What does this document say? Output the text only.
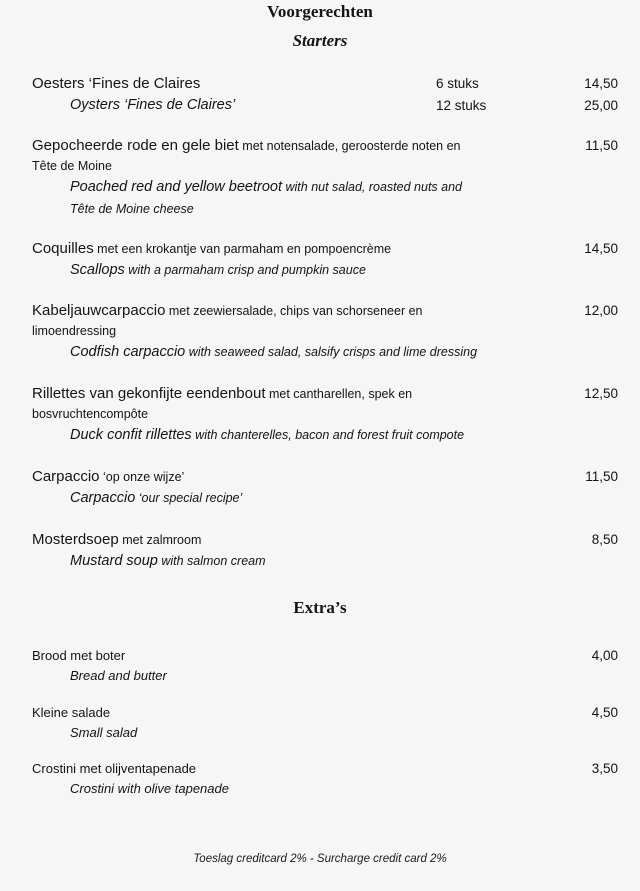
Voorgerechten
Starters
Oesters ‘Fines de Claires
Oysters ‘Fines de Claires’
6 stuks	14,50
12 stuks	25,00
Gepocheerde rode en gele biet met notensalade, geroosterde noten en
Tête de Moine
Poached red and yellow beetroot with nut salad, roasted nuts and
Tête de Moine cheese
11,50
Coquilles met een krokantje van parmaham en pompoencrème
Scallops with a parmaham crisp and pumpkin sauce
14,50
Kabeljauwcarpaccio met zeewiersalade, chips van schorseneer en
limoendressing
Codfish carpaccio with seaweed salad, salsify crisps and lime dressing
12,00
Rillettes van gekonfijte eendenbout met cantharellen, spek en
bosvruchtencompôte
Duck confit rillettes with chanterelles, bacon and forest fruit compote
12,50
Carpaccio ‘op onze wijze’
Carpaccio ‘our special recipe’
11,50
Mosterdsoep met zalmroom
Mustard soup with salmon cream
8,50
Extra’s
Brood met boter
Bread and butter
4,00
Kleine salade
Small salad
4,50
Crostini met olijventapenade
Crostini with olive tapenade
3,50
Toeslag creditcard 2% - Surcharge credit card 2%
